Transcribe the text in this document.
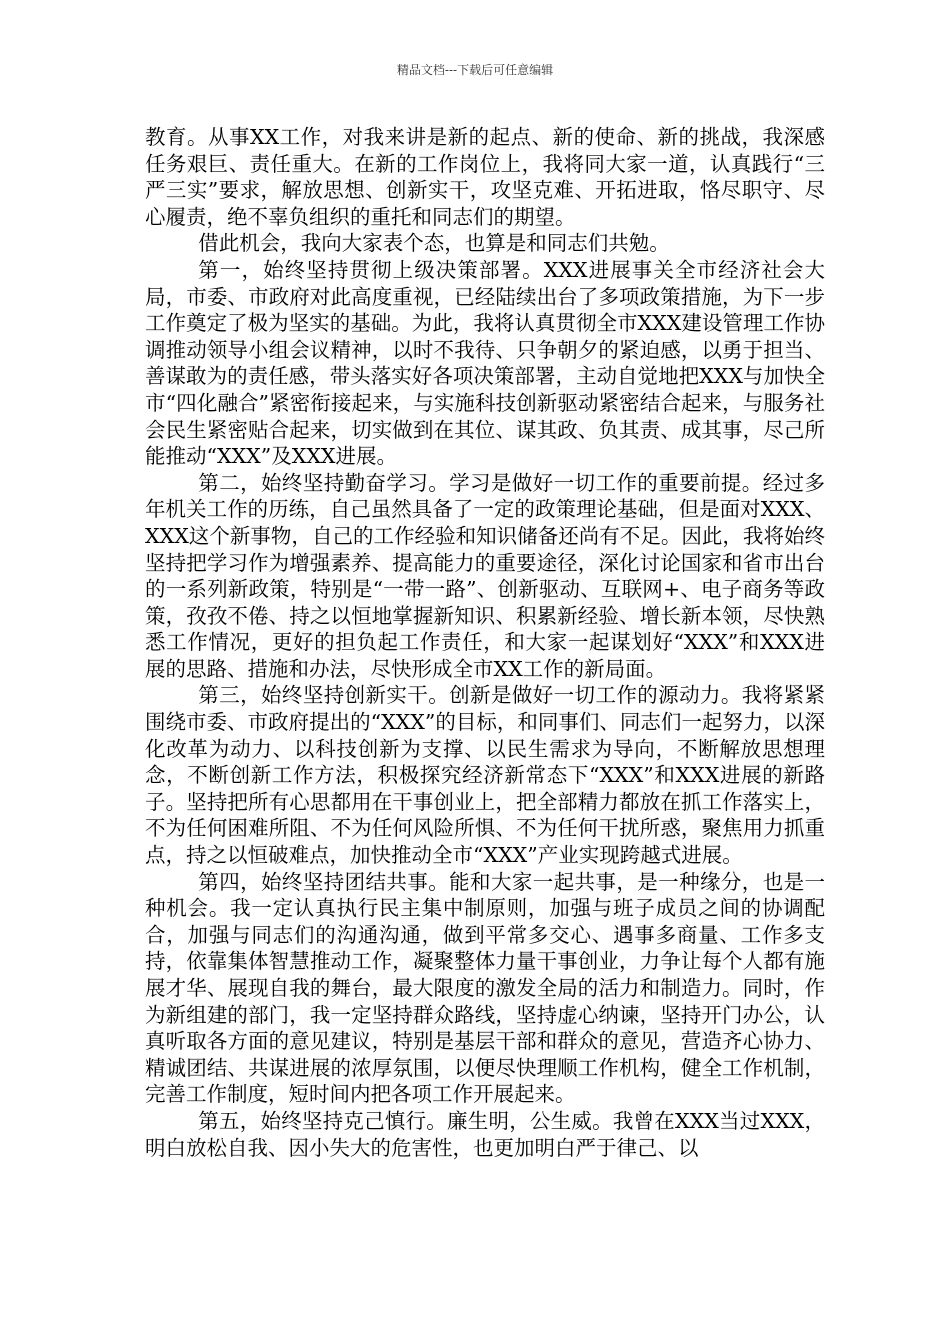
精品文档---下载后可任意编辑

教育。从事XX工作，对我来讲是新的起点、新的使命、新的挑战，我深感任务艰巨、责任重大。在新的工作岗位上，我将同大家一道，认真践行“三严三实”要求，解放思想、创新实干，攻坚克难、开拓进取，恪尽职守、尽心履责，绝不辜负组织的重托和同志们的期望。

借此机会，我向大家表个态，也算是和同志们共勉。

第一，始终坚持贯彻上级决策部署。XXX进展事关全市经济社会大局，市委、市政府对此高度重视，已经陆续出台了多项政策措施，为下一步工作奠定了极为坚实的基础。为此，我将认真贯彻全市XXX建设管理工作协调推动领导小组会议精神，以时不我待、只争朝夕的紧迫感，以勇于担当、善谋敢为的责任感，带头落实好各项决策部署，主动自觉地把XXX与加快全市“四化融合”紧密衔接起来，与实施科技创新驱动紧密结合起来，与服务社会民生紧密贴合起来，切实做到在其位、谋其政、负其责、成其事，尽己所能推动“XXX”及XXX进展。

第二，始终坚持勤奋学习。学习是做好一切工作的重要前提。经过多年机关工作的历练，自己虽然具备了一定的政策理论基础，但是面对XXX、XXX这个新事物，自己的工作经验和知识储备还尚有不足。因此，我将始终坚持把学习作为增强素养、提高能力的重要途径，深化讨论国家和省市出台的一系列新政策，特别是“一带一路”、创新驱动、互联网+、电子商务等政策，孜孜不倦、持之以恒地掌握新知识、积累新经验、增长新本领，尽快熟悉工作情况，更好的担负起工作责任，和大家一起谋划好“XXX”和XXX进展的思路、措施和办法，尽快形成全市XX工作的新局面。

第三，始终坚持创新实干。创新是做好一切工作的源动力。我将紧紧围绕市委、市政府提出的“XXX”的目标，和同事们、同志们一起努力，以深化改革为动力、以科技创新为支撑、以民生需求为导向，不断解放思想理念，不断创新工作方法，积极探究经济新常态下“XXX”和XXX进展的新路子。坚持把所有心思都用在干事创业上，把全部精力都放在抓工作落实上，不为任何困难所阻、不为任何风险所惧、不为任何干扰所惑，聚焦用力抓重点，持之以恒破难点，加快推动全市“XXX”产业实现跨越式进展。

第四，始终坚持团结共事。能和大家一起共事，是一种缘分，也是一种机会。我一定认真执行民主集中制原则，加强与班子成员之间的协调配合，加强与同志们的沟通沟通，做到平常多交心、遇事多商量、工作多支持，依靠集体智慧推动工作，凝聚整体力量干事创业，力争让每个人都有施展才华、展现自我的舞台，最大限度的激发全局的活力和制造力。同时，作为新组建的部门，我一定坚持群众路线，坚持虚心纳谏，坚持开门办公，认真听取各方面的意见建议，特别是基层干部和群众的意见，营造齐心协力、精诚团结、共谋进展的浓厚氛围，以便尽快理顺工作机构，健全工作机制，完善工作制度，短时间内把各项工作开展起来。

第五，始终坚持克己慎行。廉生明，公生威。我曾在XXX当过XXX，明白放松自我、因小失大的危害性，也更加明白严于律己、以
